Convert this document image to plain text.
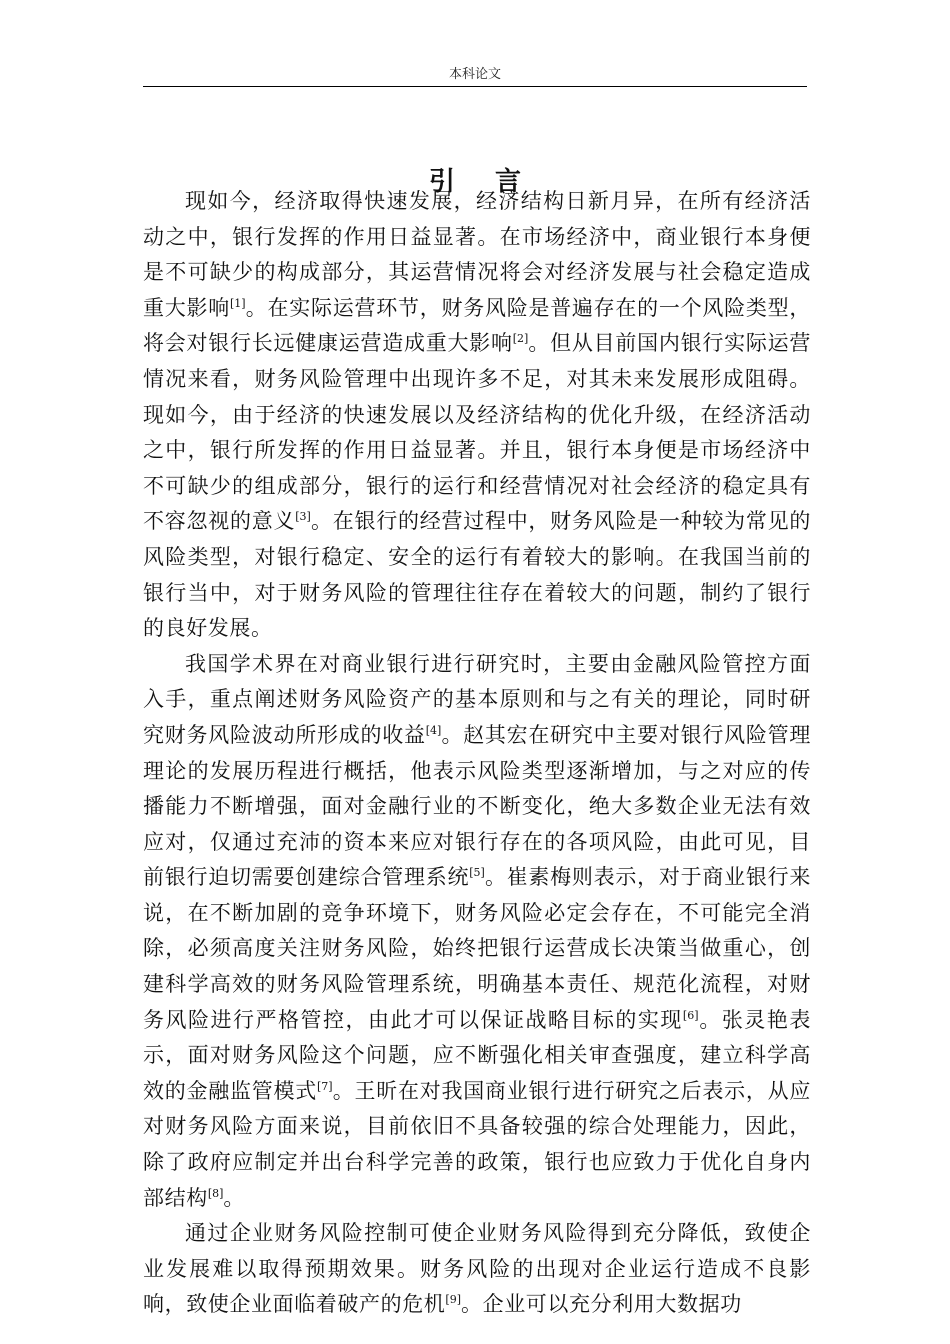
本科论文
引言

现如今，经济取得快速发展，经济结构日新月异，在所有经济活动之中，银行发挥的作用日益显著。在市场经济中，商业银行本身便是不可缺少的构成部分，其运营情况将会对经济发展与社会稳定造成重大影响[1]。在实际运营环节，财务风险是普遍存在的一个风险类型，将会对银行长远健康运营造成重大影响[2]。但从目前国内银行实际运营情况来看，财务风险管理中出现许多不足，对其未来发展形成阻碍。现如今，由于经济的快速发展以及经济结构的优化升级，在经济活动之中，银行所发挥的作用日益显著。并且，银行本身便是市场经济中不可缺少的组成部分，银行的运行和经营情况对社会经济的稳定具有不容忽视的意义[3]。在银行的经营过程中，财务风险是一种较为常见的风险类型，对银行稳定、安全的运行有着较大的影响。在我国当前的银行当中，对于财务风险的管理往往存在着较大的问题，制约了银行的良好发展。

我国学术界在对商业银行进行研究时，主要由金融风险管控方面入手，重点阐述财务风险资产的基本原则和与之有关的理论，同时研究财务风险波动所形成的收益[4]。赵其宏在研究中主要对银行风险管理理论的发展历程进行概括，他表示风险类型逐渐增加，与之对应的传播能力不断增强，面对金融行业的不断变化，绝大多数企业无法有效应对，仅通过充沛的资本来应对银行存在的各项风险，由此可见，目前银行迫切需要创建综合管理系统[5]。崔素梅则表示，对于商业银行来说，在不断加剧的竞争环境下，财务风险必定会存在，不可能完全消除，必须高度关注财务风险，始终把银行运营成长决策当做重心，创建科学高效的财务风险管理系统，明确基本责任、规范化流程，对财务风险进行严格管控，由此才可以保证战略目标的实现[6]。张灵艳表示，面对财务风险这个问题，应不断强化相关审查强度，建立科学高效的金融监管模式[7]。王昕在对我国商业银行进行研究之后表示，从应对财务风险方面来说，目前依旧不具备较强的综合处理能力，因此，除了政府应制定并出台科学完善的政策，银行也应致力于优化自身内部结构[8]。

通过企业财务风险控制可使企业财务风险得到充分降低，致使企业发展难以取得预期效果。财务风险的出现对企业运行造成不良影响，致使企业面临着破产的危机[9]。企业可以充分利用大数据功
